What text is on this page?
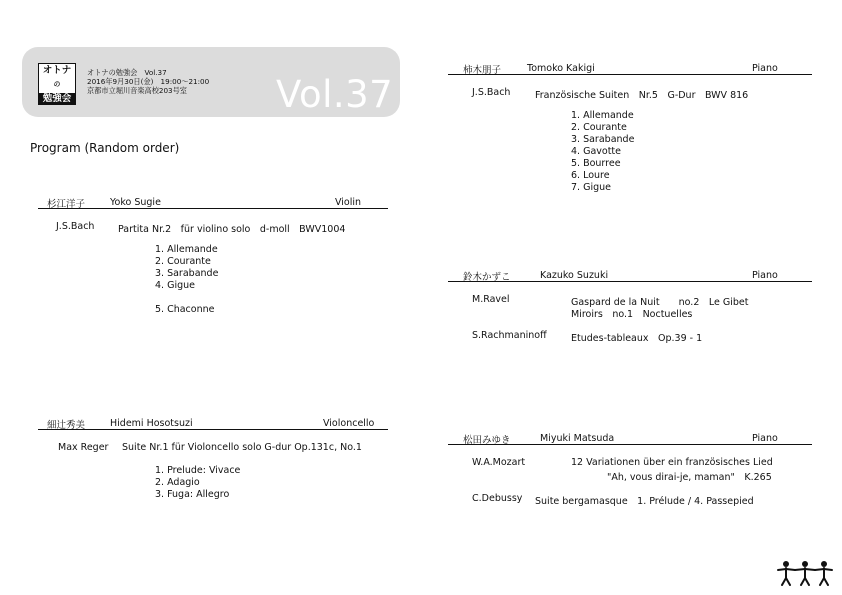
オトナ
の
勉強会
オトナの勉強会　Vol.37
2016年9月30日(金)　19:00〜21:00
京都市立堀川音楽高校203号室	Vol.37
Program (Random order)
杉江洋子	Yoko Sugie	Violin
J.S.Bach Partita Nr.2　für violino solo　d-moll　BWV1004
1. Allemande
2. Courante
3. Sarabande
4. Gigue
5. Chaconne
細辻秀美	Hidemi Hosotsuzi	Violoncello
Max Reger Suite Nr.1 für Violoncello solo G-dur Op.131c, No.1
1. Prelude: Vivace
2. Adagio
3. Fuga: Allegro
柿木朋子	Tomoko Kakigi	Piano
J.S.Bach	Französische Suiten　Nr.5　G-Dur　BWV 816
1. Allemande
2. Courante
3. Sarabande
4. Gavotte
5. Bourree
6. Loure
7. Gigue
鈴木かずこ	Kazuko Suzuki	Piano
M.Ravel	Gaspard de la Nuit　　no.2　Le Gibet
Miroirs　no.1　Noctuelles
S.Rachmaninoff	Etudes-tableaux　Op.39 - 1
松田みゆき	Miyuki Matsuda	Piano
W.A.Mozart	12 Variationen über ein französisches Lied
"Ah, vous dirai-je, maman"　K.265
C.Debussy Suite bergamasque　1. Prélude / 4. Passepied
